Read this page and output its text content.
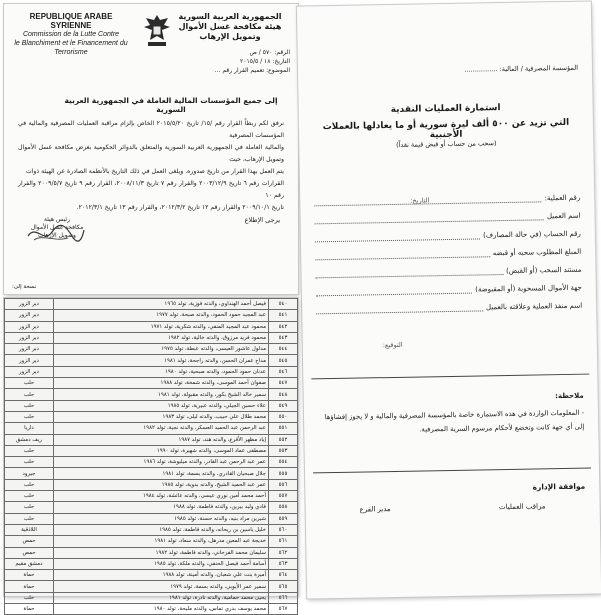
REPUBLIQUE ARABE SYRIENNE
Commission de la Lutte Contre
le Blanchiment et le Financement du Terrorisme
الجمهورية العربية السورية
هيئة مكافحة غسل الأموال وتمويل الإرهاب
الرقم: ٥٧٠ / ص
التاريخ: ١٨ / ٢٠١٥/٥
الموضوع: تعميم القرار رقم ...
إلى جميع المؤسسات المالية العاملة في الجمهورية العربية السورية
نرفق لكم ربطاً القرار رقم /١٥/ تاريخ ٢٠١٥/٥/٢٠ الخاص بإلزام مراقبة العمليات المصرفية والمالية في المؤسسات المصرفية
والمالية العاملة في الجمهورية العربية السورية والمتعلق بالدوائر الحكومية بغرض مكافحة غسل الأموال وتمويل الإرهاب، حيث
يتم العمل بهذا القرار من تاريخ صدوره. ويلغى العمل في ذلك التاريخ بالأنظمة الصادرة عن الهيئة ذوات
القرارات رقم ٦ تاريخ ٢٠٠٣/١٢/٩ والقرار رقم ٧ تاريخ ٢٠٠٨/١١/٣، القرار رقم ٩ تاريخ ٢٠٠٩/٥/٧ والقرار رقم ١٠
تاريخ ٢٠٠٩/١٠/١ والقرار رقم ١٢ تاريخ ٢٠١٢/٣/٢، والقرار رقم ١٣ تاريخ ٢٠١٢/٣/١.
يرجى الإطلاع
رئيس هيئة
مكافحة غسل الأموال
وتمويل الإرهاب
نسخة إلى:
المؤسسة المصرفية / المالية: ................
استمارة العمليات النقدية
التي تزيد عن ٥٠٠ ألف ليرة سورية أو ما يعادلها بالعملات الأجنبية
(سحب من حساب أو قبض قيمة نقداً)
التاريخ:	رقم العملية:
اسم العميل
رقم الحساب (في حالة المصارف)
المبلغ المطلوب سحبه أو قبضه
مستند السحب (أو القبض)
جهة الأموال المسحوبة (أو المقبوضة)
اسم منفذ العملية وعلاقته بالعميل
التوقيع:
ملاحظة:
- المعلومات الواردة في هذه الاستمارة خاصة بالمؤسسة المصرفية والمالية و لا يجوز إفشاؤها إلى أي جهة كانت وتخضع لأحكام مرسوم السرية المصرفية.
موافقة الإدارة
مراقب العمليات
مدير الفرع
٥٤٠	فيصل أحمد الهنداوي، والدته فوزية، تولد ١٩٦٥	دير الزور
٥٤١	عبد المجيد حمود الحمود، والدته صبحة، تولد ١٩٧٧	دير الزور
٥٤٢	محمود عبد المجيد المنفي، والدته شكرية، تولد ١٩٧١	دير الزور
٥٤٣	محمود فريد مرزوق، والدته خالية، تولد ١٩٨٢	دير الزور
٥٤٤	مدلول عاشور العيسى، والدته عبطة، تولد ١٩٧٥	دير الزور
٥٤٥	مداح عمران الحسن، والدته راجحة، تولد ١٩٨١	دير الزور
٥٤٦	عدنان حمود الحمود، والدته صبحية، تولد ١٩٨٠	دير الزور
٥٤٧	صفوان أحمد الموسى، والدته شمخة، تولد ١٩٨٨	حلب
٥٤٨	سمير خالد الشيخ بكور، والدته مقبولة، تولد ١٩٨١	حلب
٥٤٩	علاء حسين الجيلي، والدته عبيرية، تولد ١٩٨٥	حلب
٥٥٠	محمد طلال علي حبيب، والدته ليلى، تولد ١٩٨٣	حلب
٥٥١	عبد الرحمن عبد الحميد العسكر، والدته نجية، تولد ١٩٨٢	داريا
٥٥٢	إياد مظهر الأقرع، والدته هند، تولد ١٩٨٧	ريف دمشق
٥٥٣	مصطفى عماد الموسى، والدته شهيرة، تولد ١٩٩٠	حلب
٥٥٤	عمر عبد الرحمن عبد القادر، والدته ميليوشة، تولد ١٩٨٦	حلب
٥٥٥	جلال صبحيان القادري، والدته بسمة، تولد ١٩٨١	جيرود
٥٥٦	عمر عبد الحميد الشيخ، والدته بدوية، تولد ١٩٨٥	حلب
٥٥٧	أحمد محمد أمين نوري عيسى، والدته عائشة، تولد ١٩٨٤	حلب
٥٥٨	فادي وليد بيرين، والدته فاطمة، تولد ١٩٨٨	حلب
٥٥٩	شيرين مراد بنيه، والدته حسنة، تولد ١٩٨٥	حلب
٥٦٠	خليل ياسين بن ريحانه، والدته فاطمة، تولد ١٩٨٥	اللاذقية
٥٦١	خديجة عبد المعين مدرهل، والدته سعاد، تولد ١٩٨١	حمص
٥٦٢	سليمان محمد الفرحاني، والدته فاطمة، تولد ١٩٨٢	حمص
٥٦٣	أسامة أحمد فيصل الحنفي، والدته ملكة، تولد ١٩٨٥	دمشق مقيم
٥٦٤	أميرة بنت علي شعبان، والدته أمينة، تولد ١٩٨٨	حماة
٥٦٥	سمير عمر الأيوبي، والدته بسمة، تولد ١٩٧٩	حماة
٥٦٦	يحيى محمد حمامية، والدته نادرة، تولد ١٩٨١	حلب
٥٦٧	محمد يوسف بدري تماس، والدته مليحة، تولد ١٩٨٠	حماة
